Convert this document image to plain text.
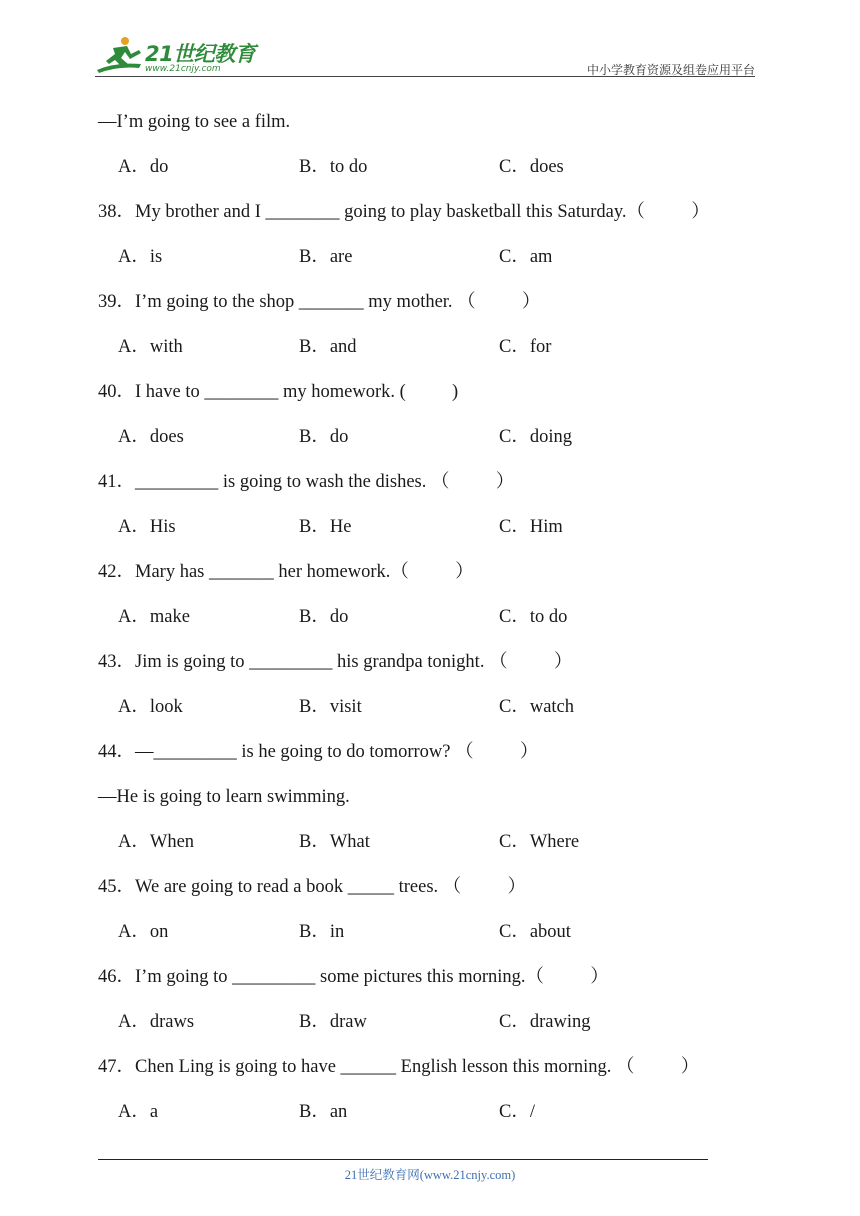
21世纪教育
www.21cnjy.com	中小学教育资源及组卷应用平台
—I’m going to see a film.
A．do	B．to do	C．does
38．My brother and I ________ going to play basketball this Saturday.（          ）
A．is	B．are	C．am
39．I’m going to the shop _______ my mother. （          ）
A．with	B．and	C．for
40．I have to ________ my homework. (          )
A．does	B．do	C．doing
41．_________ is going to wash the dishes. （          ）
A．His	B．He	C．Him
42．Mary has _______ her homework.（          ）
A．make	B．do	C．to do
43．Jim is going to _________ his grandpa tonight. （          ）
A．look	B．visit	C．watch
44．—_________ is he going to do tomorrow? （          ）
—He is going to learn swimming.
A．When	B．What	C．Where
45．We are going to read a book _____ trees. （          ）
A．on	B．in	C．about
46．I’m going to _________ some pictures this morning.（          ）
A．draws	B．draw	C．drawing
47．Chen Ling is going to have ______ English lesson this morning. （          ）
A．a	B．an	C．/
21世纪教育网(www.21cnjy.com)
